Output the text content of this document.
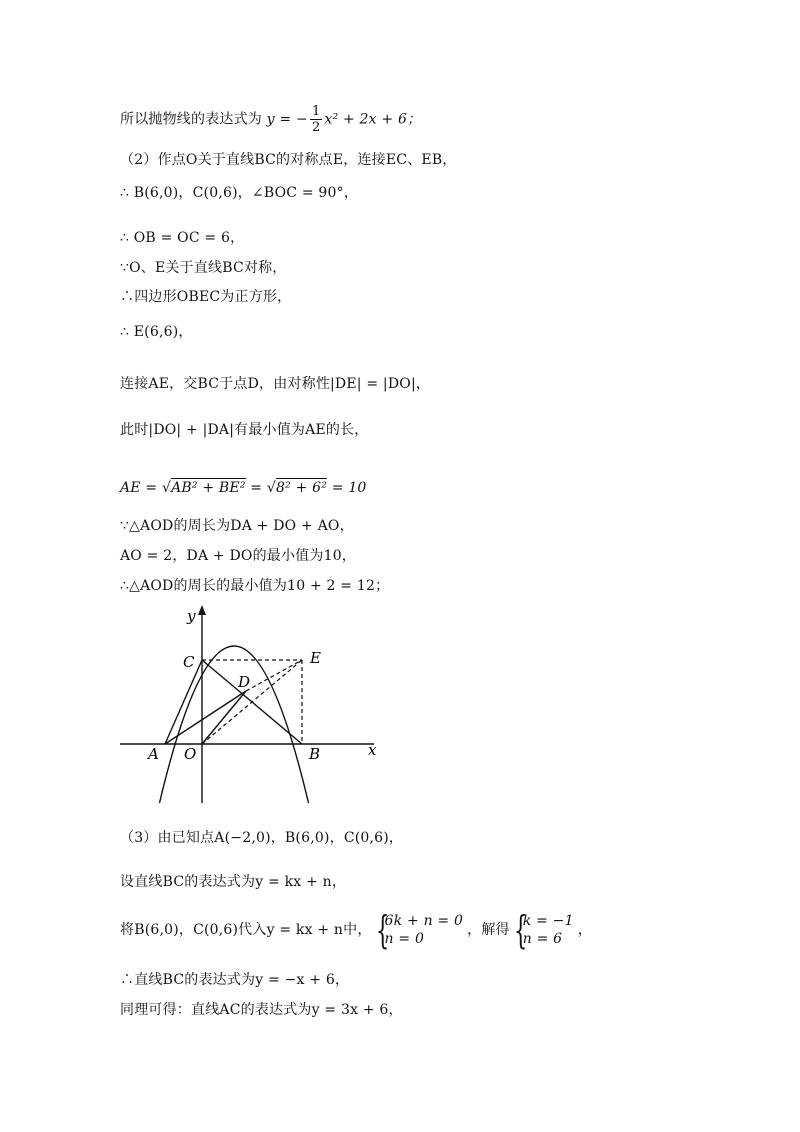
所以抛物线的表达式为 y = − $\frac{1}{2} x^2 + 2x + 6$；
（2）作点O关于直线BC的对称点E，连接EC、EB，
∴ B(6,0)，C(0,6)，∠BOC = 90°，
∴ OB = OC = 6，
∵O、E关于直线BC对称，
∴四边形OBEC为正方形，
∴ E(6,6)，
连接AE，交BC于点D，由对称性|DE| = |DO|，
此时|DO| + |DA|有最小值为AE的长，
AE = √AB² + BE² = √8² + 6² = 10
∵△AOD的周长为DA + DO + AO，
AO = 2，DA + DO的最小值为10，
∴△AOD的周长的最小值为10 + 2 = 12；
y
x
A O	B
C
D
E
（3）由已知点A(−2,0)，B(6,0)，C(0,6)，
设直线BC的表达式为y = kx + n，
将B(6,0)，C(0,6)代入y = kx + n中， {
6k + n = 0
n = 0
，解得 {
k = −1
n = 6
，
∴直线BC的表达式为y = −x + 6，
同理可得：直线AC的表达式为y = 3x + 6，
